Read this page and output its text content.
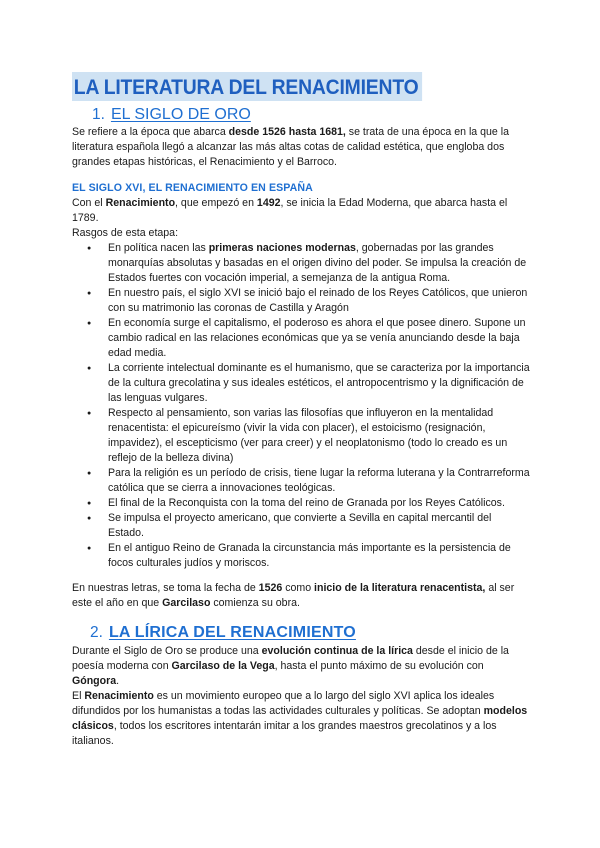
LA LITERATURA DEL RENACIMIENTO
1. EL SIGLO DE ORO

Se refiere a la época que abarca desde 1526 hasta 1681, se trata de una época en la que la literatura española llegó a alcanzar las más altas cotas de calidad estética, que engloba dos grandes etapas históricas, el Renacimiento y el Barroco.

EL SIGLO XVI, EL RENACIMIENTO EN ESPAÑA

Con el Renacimiento, que empezó en 1492, se inicia la Edad Moderna, que abarca hasta el 1789.

Rasgos de esta etapa:

● En política nacen las primeras naciones modernas, gobernadas por las grandes monarquías absolutas y basadas en el origen divino del poder. Se impulsa la creación de Estados fuertes con vocación imperial, a semejanza de la antigua Roma.
● En nuestro país, el siglo XVI se inició bajo el reinado de los Reyes Católicos, que unieron con su matrimonio las coronas de Castilla y Aragón
● En economía surge el capitalismo, el poderoso es ahora el que posee dinero. Supone un cambio radical en las relaciones económicas que ya se venía anunciando desde la baja edad media.
● La corriente intelectual dominante es el humanismo, que se caracteriza por la importancia de la cultura grecolatina y sus ideales estéticos, el antropocentrismo y la dignificación de las lenguas vulgares.
● Respecto al pensamiento, son varias las filosofías que influyeron en la mentalidad renacentista: el epicureísmo (vivir la vida con placer), el estoicismo (resignación, impavidez), el escepticismo (ver para creer) y el neoplatonismo (todo lo creado es un reflejo de la belleza divina)
● Para la religión es un período de crisis, tiene lugar la reforma luterana y la Contrarreforma católica que se cierra a innovaciones teológicas.
● El final de la Reconquista con la toma del reino de Granada por los Reyes Católicos.
● Se impulsa el proyecto americano, que convierte a Sevilla en capital mercantil del Estado.
● En el antiguo Reino de Granada la circunstancia más importante es la persistencia de focos culturales judíos y moriscos.

En nuestras letras, se toma la fecha de 1526 como inicio de la literatura renacentista, al ser este el año en que Garcilaso comienza su obra.

2. LA LÍRICA DEL RENACIMIENTO

Durante el Siglo de Oro se produce una evolución continua de la lírica desde el inicio de la poesía moderna con Garcilaso de la Vega, hasta el punto máximo de su evolución con Góngora.

El Renacimiento es un movimiento europeo que a lo largo del siglo XVI aplica los ideales difundidos por los humanistas a todas las actividades culturales y políticas. Se adoptan modelos clásicos, todos los escritores intentarán imitar a los grandes maestros grecolatinos y a los italianos.
